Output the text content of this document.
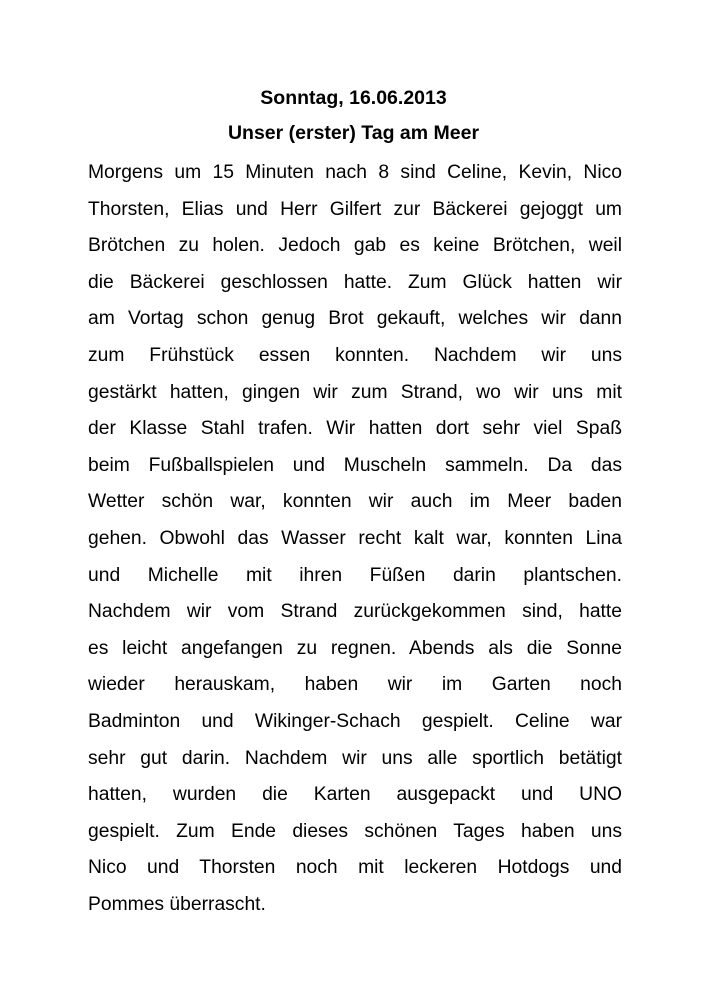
Sonntag, 16.06.2013
Unser (erster) Tag am Meer
Morgens um 15 Minuten nach 8 sind Celine, Kevin, Nico
Thorsten, Elias und Herr Gilfert zur Bäckerei gejoggt um
Brötchen zu holen. Jedoch gab es keine Brötchen, weil
die Bäckerei geschlossen hatte. Zum Glück hatten wir
am Vortag schon genug Brot gekauft, welches wir dann
zum Frühstück essen konnten. Nachdem wir uns
gestärkt hatten, gingen wir zum Strand, wo wir uns mit
der Klasse Stahl trafen. Wir hatten dort sehr viel Spaß
beim Fußballspielen und Muscheln sammeln. Da das
Wetter schön war, konnten wir auch im Meer baden
gehen. Obwohl das Wasser recht kalt war, konnten Lina
und Michelle mit ihren Füßen darin plantschen.
Nachdem wir vom Strand zurückgekommen sind, hatte
es leicht angefangen zu regnen. Abends als die Sonne
wieder herauskam, haben wir im Garten noch
Badminton und Wikinger-Schach gespielt. Celine war
sehr gut darin. Nachdem wir uns alle sportlich betätigt
hatten, wurden die Karten ausgepackt und UNO
gespielt. Zum Ende dieses schönen Tages haben uns
Nico und Thorsten noch mit leckeren Hotdogs und
Pommes überrascht.
